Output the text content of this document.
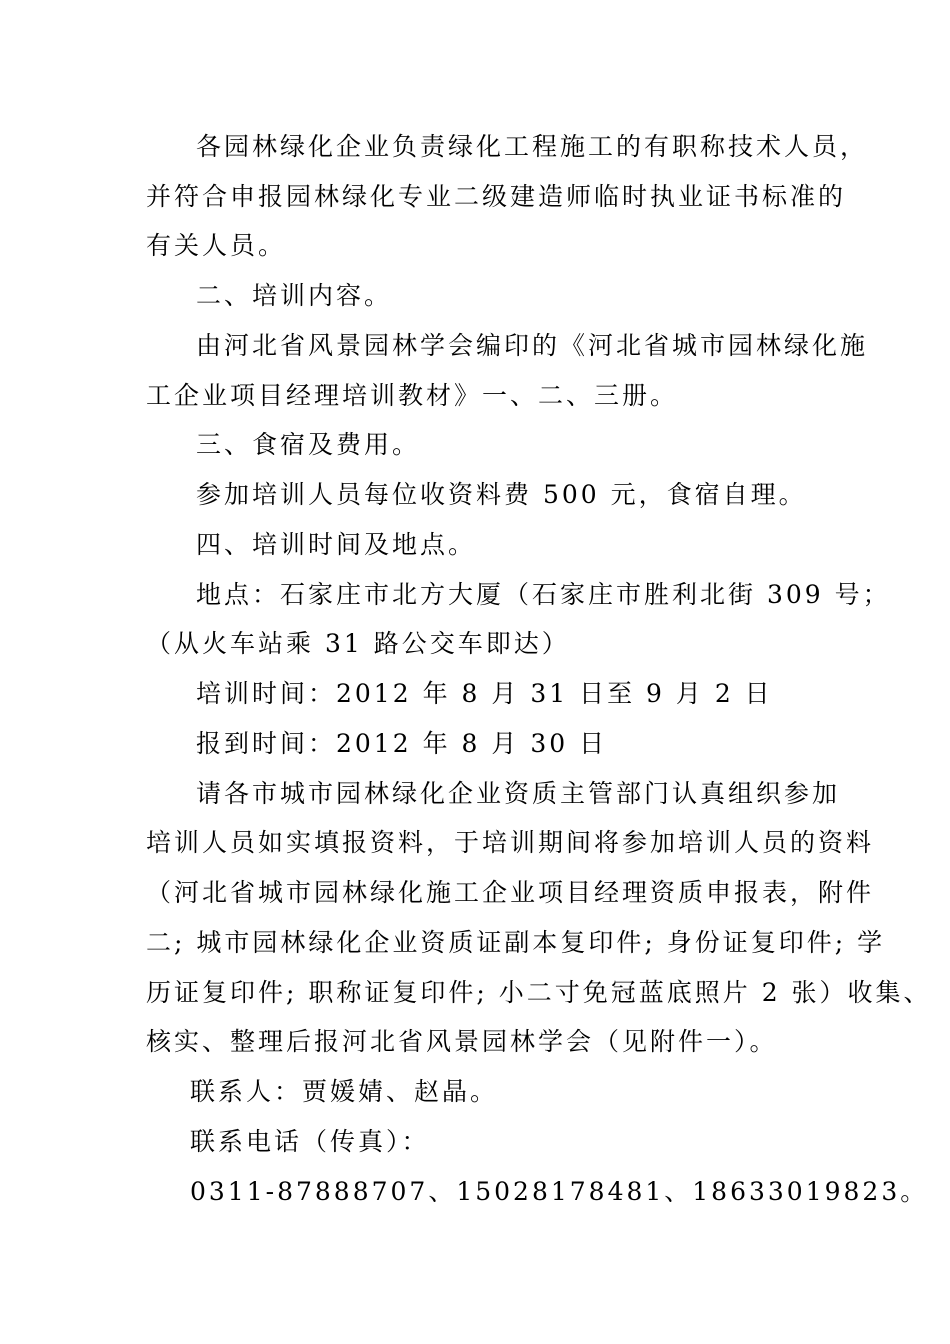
各园林绿化企业负责绿化工程施工的有职称技术人员，

并符合申报园林绿化专业二级建造师临时执业证书标准的

有关人员。

二、培训内容。

由河北省风景园林学会编印的《河北省城市园林绿化施

工企业项目经理培训教材》一、二、三册。

三、食宿及费用。

参加培训人员每位收资料费 500 元，食宿自理。

四、培训时间及地点。

地点：石家庄市北方大厦（石家庄市胜利北街 309 号；

（从火车站乘 31 路公交车即达）

培训时间：2012 年 8 月 31 日至 9 月 2 日

报到时间：2012 年 8 月 30 日

请各市城市园林绿化企业资质主管部门认真组织参加

培训人员如实填报资料，于培训期间将参加培训人员的资料

（河北省城市园林绿化施工企业项目经理资质申报表，附件

二; 城市园林绿化企业资质证副本复印件; 身份证复印件; 学

历证复印件; 职称证复印件; 小二寸免冠蓝底照片 2 张）收集、

核实、整理后报河北省风景园林学会（见附件一）。

联系人：贾媛婧、赵晶。

联系电话（传真）：

0311-87888707、15028178481、18633019823。
